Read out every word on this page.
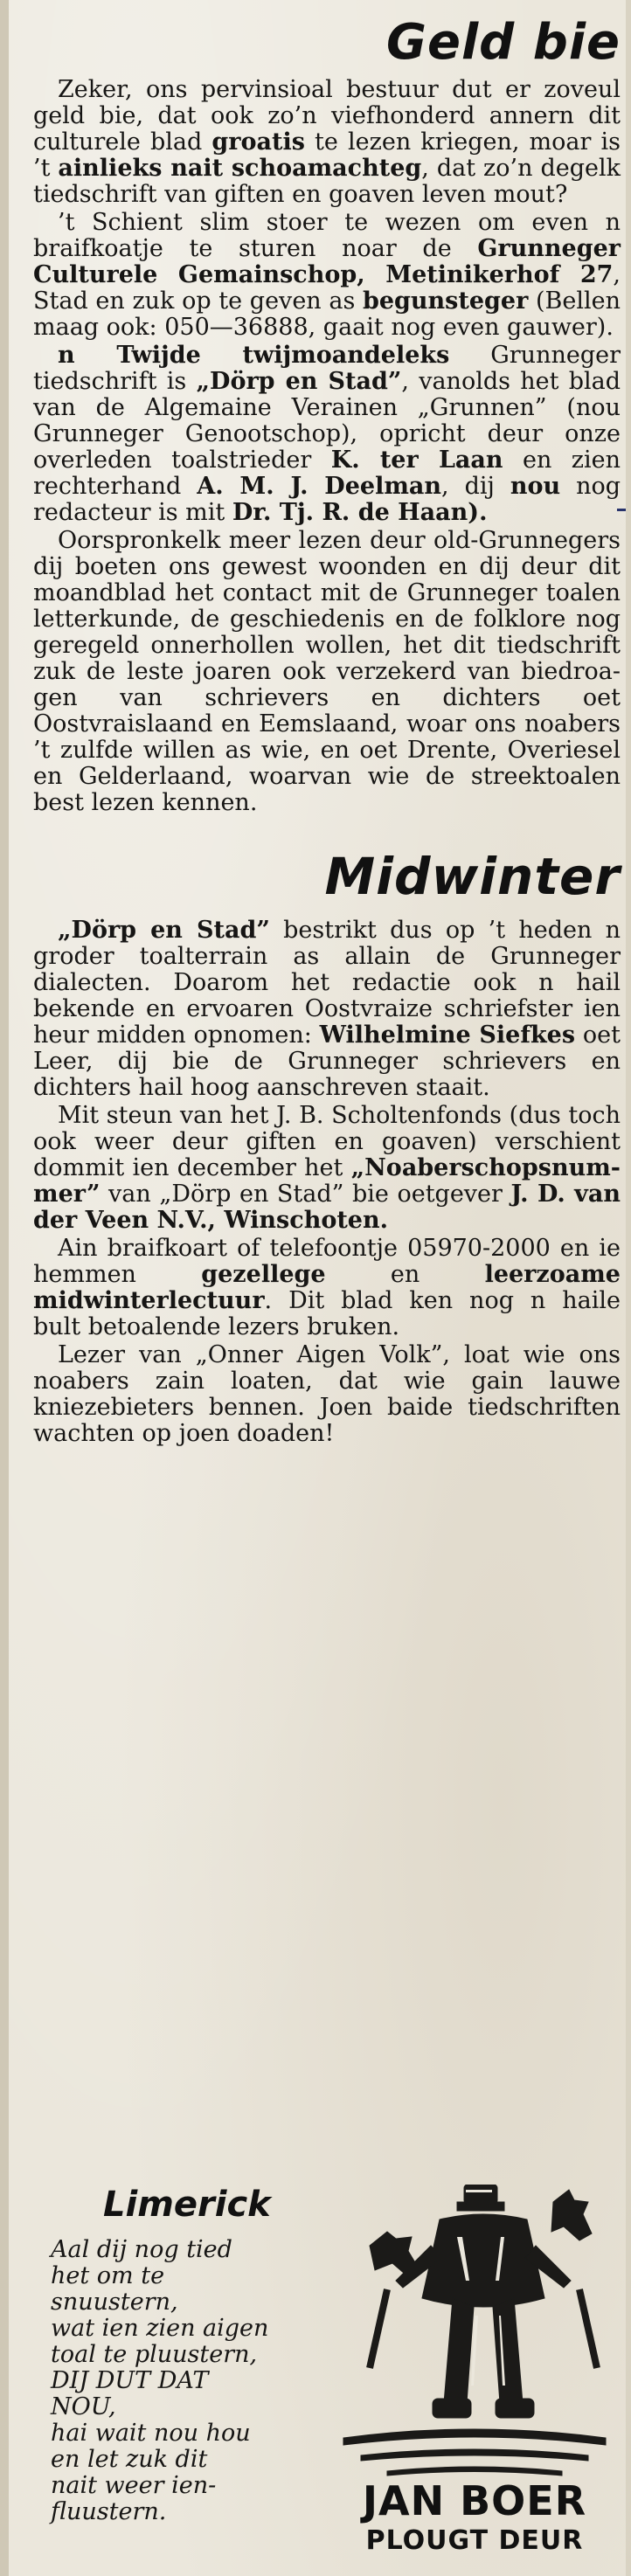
Geld bie

Zeker, ons pervinsioal bestuur dut er zoveul geld bie, dat ook zo’n viefhonderd annern dit culturele blad groatis te lezen kriegen, moar is ’t ainlieks nait schoamachteg, dat zo’n degelk tiedschrift van giften en goaven leven mout?

’t Schient slim stoer te wezen om even n braifkoatje te sturen noar de Grunneger Culturele Gemainschop, Metinikerhof 27, Stad en zuk op te geven as begunsteger (Bellen maag ook: 050—36888, gaait nog even gauwer).

n Twijde twijmoandeleks Grunneger tiedschrift is „Dörp en Stad”, vanolds het blad van de Algemaine Verainen „Grunnen” (nou Grunneger Genootschop), opricht deur onze overleden toalstrieder K. ter Laan en zien rechterhand A. M. J. Deelman, dij nou nog redacteur is mit Dr. Tj. R. de Haan).

Oorspronkelk meer lezen deur old-Grunnegers dij boeten ons gewest woonden en dij deur dit moandblad het contact mit de Grunneger toalen letterkunde, de geschiedenis en de folklore nog geregeld onnerhollen wollen, het dit tiedschrift zuk de leste joaren ook verzekerd van biedroagen van schrievers en dichters oet Oostvraislaand en Eemslaand, woar ons noabers ’t zulfde willen as wie, en oet Drente, Overiesel en Gelderlaand, woarvan wie de streektoalen best lezen kennen.

Midwinter

„Dörp en Stad” bestrikt dus op ’t heden n groder toalterrain as allain de Grunneger dialecten. Doarom het redactie ook n hail bekende en ervoaren Oostvraize schriefster ien heur midden opnomen: Wilhelmine Siefkes oet Leer, dij bie de Grunneger schrievers en dichters hail hoog aanschreven staait.

Mit steun van het J. B. Scholtenfonds (dus toch ook weer deur giften en goaven) verschient dommit ien december het „Noaberschopsnummer” van „Dörp en Stad” bie oetgever J. D. van der Veen N.V., Winschoten.

Ain braifkoart of telefoontje 05970-2000 en ie hemmen gezellege en leerzoame midwinterlectuur. Dit blad ken nog n haile bult betoalende lezers bruken.

Lezer van „Onner Aigen Volk”, loat wie ons noabers zain loaten, dat wie gain lauwe kniezebieters bennen. Joen baide tiedschriften wachten op joen doaden!

Limerick
Aal dij nog tied
het om te
snuustern,
wat ien zien aigen
toal te pluustern,
DIJ DUT DAT
NOU,
hai wait nou hou
en let zuk dit
nait weer ien-
fluustern.	JAN BOER
PLOUGT DEUR
